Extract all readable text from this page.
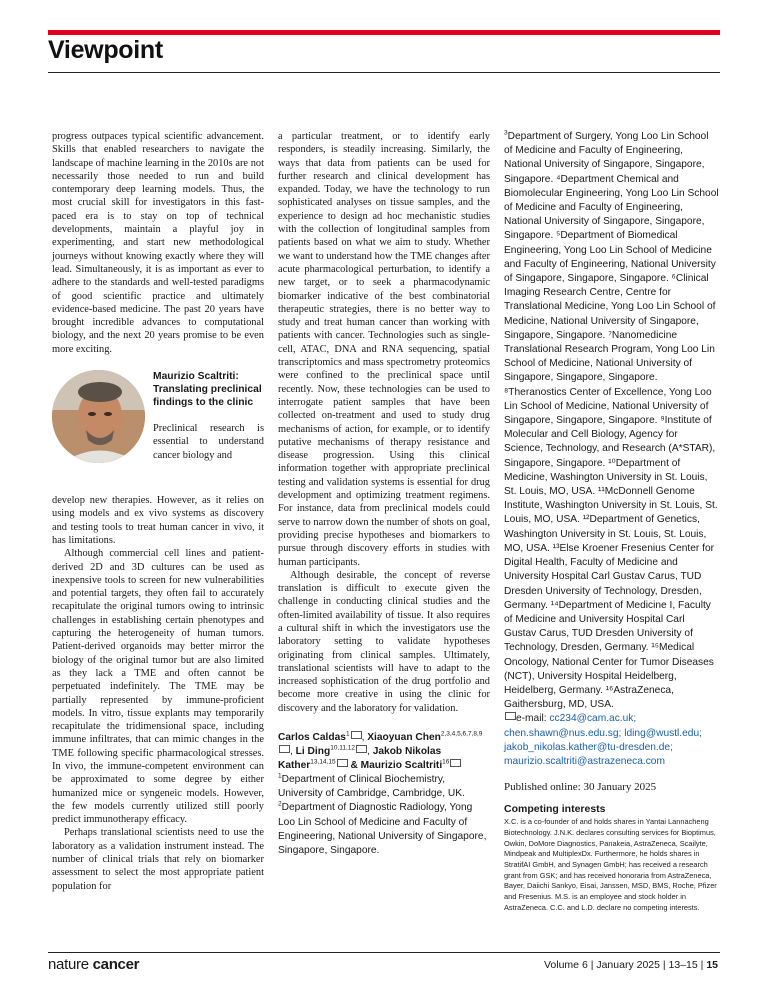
Viewpoint

progress outpaces typical scientific advancement. Skills that enabled researchers to navigate the landscape of machine learning in the 2010s are not necessarily those needed to run and build contemporary deep learning models. Thus, the most crucial skill for investigators in this fast-paced era is to stay on top of technical developments, maintain a playful joy in experimenting, and start new methodological journeys without knowing exactly where they will lead. Simultaneously, it is as important as ever to adhere to the standards and well-tested paradigms of good scientific practice and ultimately evidence-based medicine. The past 20 years have brought incredible advances to computational biology, and the next 20 years promise to be even more exciting.

Maurizio Scaltriti: Translating preclinical findings to the clinic

Preclinical research is essential to understand cancer biology and

develop new therapies. However, as it relies on using models and ex vivo systems as discovery and testing tools to treat human cancer in vivo, it has limitations.

Although commercial cell lines and patient-derived 2D and 3D cultures can be used as inexpensive tools to screen for new vulnerabilities and potential targets, they often fail to accurately recapitulate the original tumors owing to intrinsic challenges in establishing certain phenotypes and capturing the heterogeneity of human tumors. Patient-derived organoids may better mirror the biology of the original tumor but are also limited as they lack a TME and often cannot be perpetuated indefinitely. The TME may be partially represented by immune-proficient models. In vitro, tissue explants may temporarily recapitulate the tridimensional space, including immune infiltrates, that can mimic changes in the TME following specific pharmacological stresses. In vivo, the immune-competent environment can be approximated to some degree by either humanized mice or syngeneic models. However, the few models currently utilized still poorly predict immunotherapy efficacy.

Perhaps translational scientists need to use the laboratory as a validation instrument instead. The number of clinical trials that rely on biomarker assessment to select the most appropriate patient population for

a particular treatment, or to identify early responders, is steadily increasing. Similarly, the ways that data from patients can be used for further research and clinical development has expanded. Today, we have the technology to run sophisticated analyses on tissue samples, and the experience to design ad hoc mechanistic studies with the collection of longitudinal samples from patients based on what we aim to study. Whether we want to understand how the TME changes after acute pharmacological perturbation, to identify a new target, or to seek a pharmacodynamic biomarker indicative of the best combinatorial therapeutic strategies, there is no better way to study and treat human cancer than working with patients with cancer. Technologies such as single-cell, ATAC, DNA and RNA sequencing, spatial transcriptomics and mass spectrometry proteomics were confined to the preclinical space until recently. Now, these technologies can be used to interrogate patient samples that have been collected on-treatment and used to study drug mechanisms of action, for example, or to identify putative mechanisms of therapy resistance and disease progression. Using this clinical information together with appropriate preclinical testing and validation systems is essential for drug development and optimizing treatment regimens. For instance, data from preclinical models could serve to narrow down the number of shots on goal, providing precise hypotheses and biomarkers to pursue through discovery efforts in studies with human participants.

Although desirable, the concept of reverse translation is difficult to execute given the challenge in conducting clinical studies and the often-limited availability of tissue. It also requires a cultural shift in which the investigators use the laboratory setting to validate hypotheses originating from clinical samples. Ultimately, translational scientists will have to adapt to the increased sophistication of the drug portfolio and become more creative in using the clinic for discovery and the laboratory for validation.

Carlos Caldas$^1$ , Xiaoyuan Chen$^{2,3,4,5,6,7,8,9}$, Li Ding$^{10,11,12}$ , Jakob Nikolas Kather$^{13,14,15}$ & Maurizio Scaltriti$^{16}$

$^1$Department of Clinical Biochemistry, University of Cambridge, Cambridge, UK.

$^2$Department of Diagnostic Radiology, Yong Loo Lin School of Medicine and Faculty of Engineering, National University of Singapore, Singapore, Singapore.

$^3$Department of Surgery, Yong Loo Lin School of Medicine and Faculty of Engineering, National University of Singapore, Singapore, Singapore. ⁴Department Chemical and Biomolecular Engineering, Yong Loo Lin School of Medicine and Faculty of Engineering, National University of Singapore, Singapore, Singapore. ⁵Department of Biomedical Engineering, Yong Loo Lin School of Medicine and Faculty of Engineering, National University of Singapore, Singapore, Singapore. ⁶Clinical Imaging Research Centre, Centre for Translational Medicine, Yong Loo Lin School of Medicine, National University of Singapore, Singapore, Singapore. ⁷Nanomedicine Translational Research Program, Yong Loo Lin School of Medicine, National University of Singapore, Singapore, Singapore. ⁸Theranostics Center of Excellence, Yong Loo Lin School of Medicine, National University of Singapore, Singapore, Singapore. ⁹Institute of Molecular and Cell Biology, Agency for Science, Technology, and Research (A*STAR), Singapore, Singapore. ¹⁰Department of Medicine, Washington University in St. Louis, St. Louis, MO, USA. ¹¹McDonnell Genome Institute, Washington University in St. Louis, St. Louis, MO, USA. ¹²Department of Genetics, Washington University in St. Louis, St. Louis, MO, USA. ¹³Else Kroener Fresenius Center for Digital Health, Faculty of Medicine and University Hospital Carl Gustav Carus, TUD Dresden University of Technology, Dresden, Germany. ¹⁴Department of Medicine I, Faculty of Medicine and University Hospital Carl Gustav Carus, TUD Dresden University of Technology, Dresden, Germany. ¹⁵Medical Oncology, National Center for Tumor Diseases (NCT), University Hospital Heidelberg, Heidelberg, Germany. ¹⁶AstraZeneca, Gaithersburg, MD, USA.

e-mail: cc234@cam.ac.uk; chen.shawn@nus.edu.sg; lding@wustl.edu; jakob_nikolas.kather@tu-dresden.de; maurizio.scaltriti@astrazeneca.com

Published online: 30 January 2025
Competing interests

X.C. is a co-founder of and holds shares in Yantai Lannacheng Biotechnology. J.N.K. declares consulting services for Bioptimus, Owkin, DoMore Diagnostics, Panakeia, AstraZeneca, Scailyte, Mindpeak and MultiplexDx. Furthermore, he holds shares in StratifAI GmbH, and Synagen GmbH; has received a research grant from GSK; and has received honoraria from AstraZeneca, Bayer, Daiichi Sankyo, Eisai, Janssen, MSD, BMS, Roche, Pfizer and Fresenius. M.S. is an employee and stock holder in AstraZeneca. C.C. and L.D. declare no competing interests.

nature cancer	Volume 6 | January 2025 | 13–15 | 15
